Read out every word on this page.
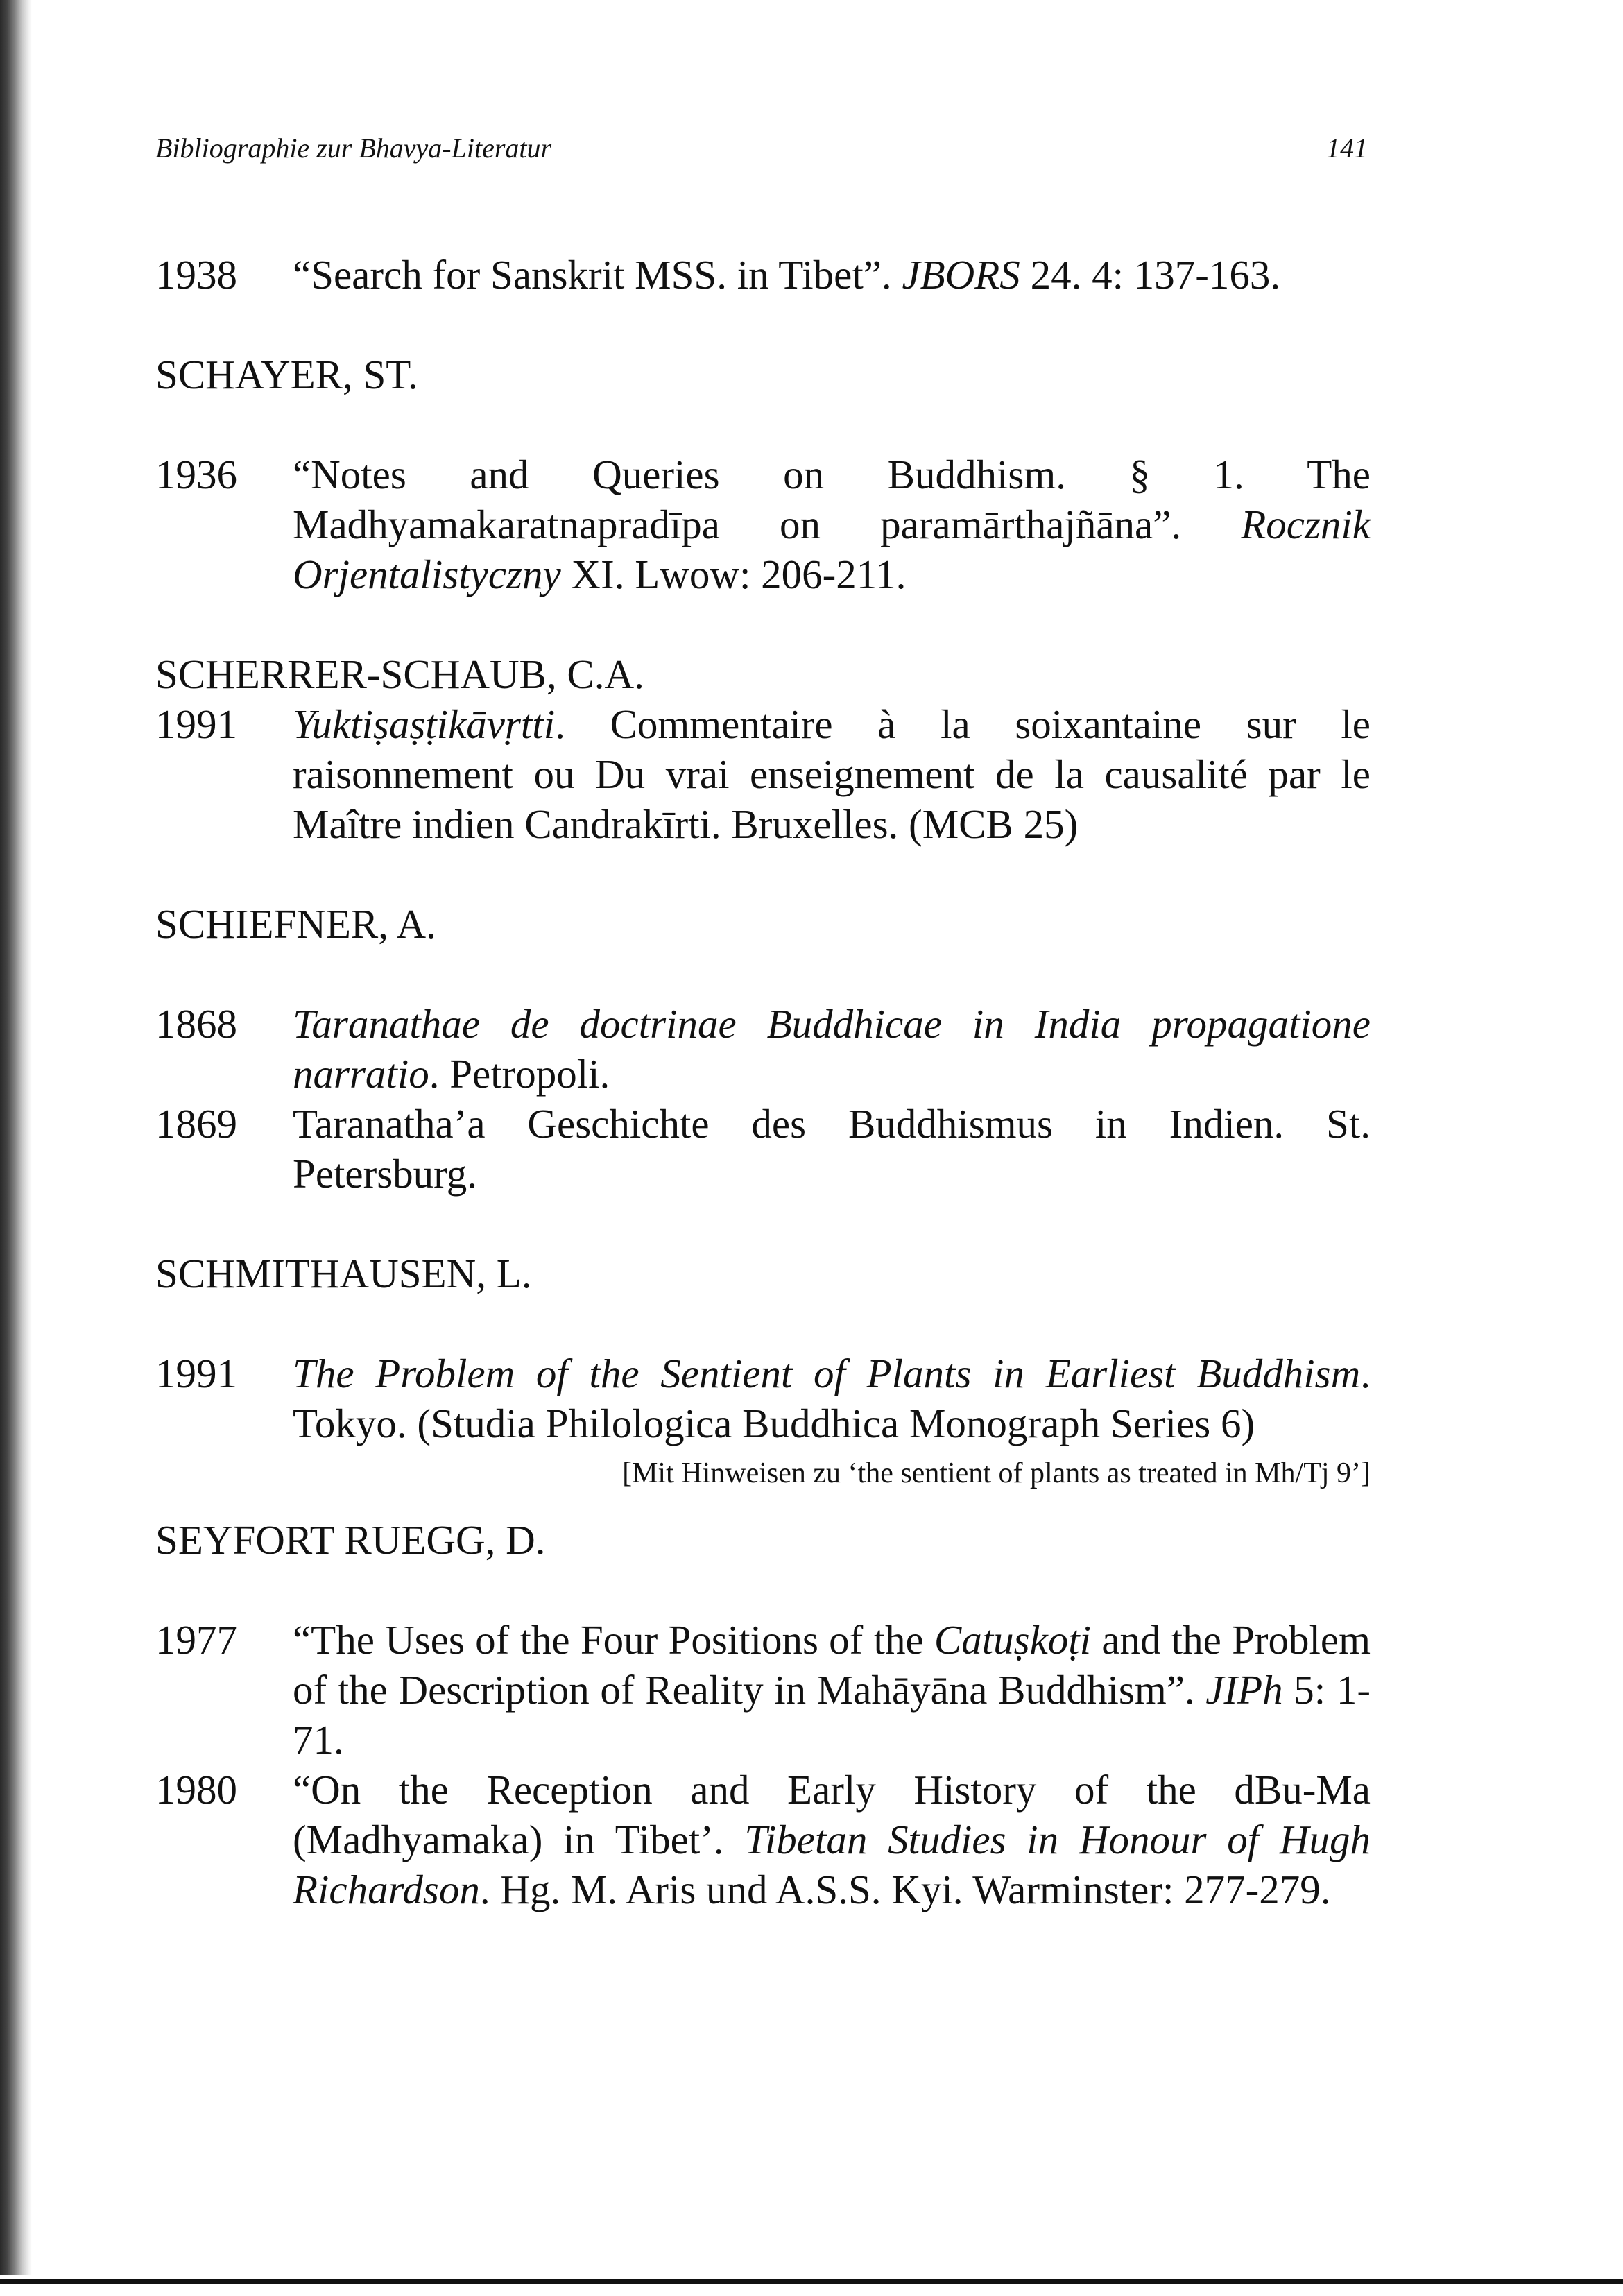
Bibliographie zur Bhavya-Literatur	141
1938 “Search for Sanskrit MSS. in Tibet”. JBORS 24. 4: 137-163.

SCHAYER, ST.

1936 “Notes and Queries on Buddhism. § 1. The Madhyamakaratnapradīpa on paramārthajñāna”. Rocznik Orjentalistyczny XI. Lwow: 206-211.

SCHERRER-SCHAUB, C.A.

1991 Yuktiṣaṣṭikāvṛtti. Commentaire à la soixantaine sur le raisonnement ou Du vrai enseignement de la causalité par le Maître indien Candrakīrti. Bruxelles. (MCB 25)

SCHIEFNER, A.

1868 Taranathae de doctrinae Buddhicae in India propagatione narratio. Petropoli.
1869 Taranatha’a Geschichte des Buddhismus in Indien. St. Petersburg.

SCHMITHAUSEN, L.

1991 The Problem of the Sentient of Plants in Earliest Buddhism. Tokyo. (Studia Philologica Buddhica Monograph Series 6)
[Mit Hinweisen zu ‘the sentient of plants as treated in Mh/Tj 9’]

SEYFORT RUEGG, D.

1977 “The Uses of the Four Positions of the Catuṣkoṭi and the Problem of the Description of Reality in Mahāyāna Buddhism”. JIPh 5: 1-71.
1980 “On the Reception and Early History of the dBu-Ma (Madhyamaka) in Tibet’. Tibetan Studies in Honour of Hugh Richardson. Hg. M. Aris und A.S.S. Kyi. Warminster: 277-279.
